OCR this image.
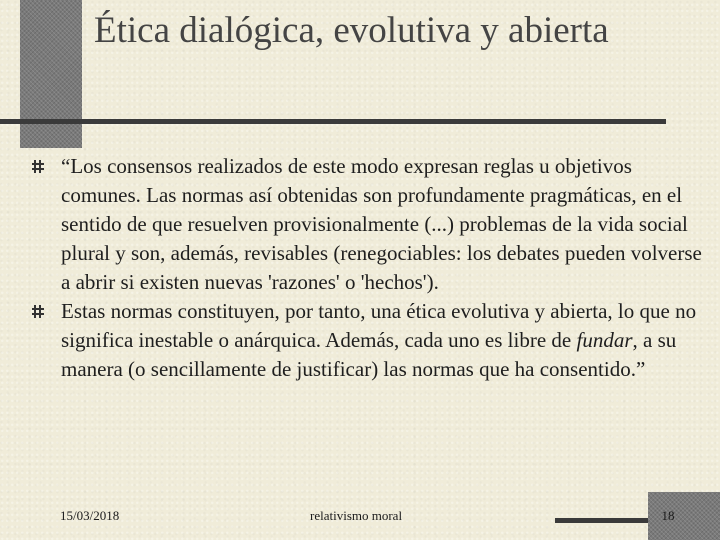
Ética dialógica, evolutiva y abierta
“Los consensos realizados de este modo expresan reglas u objetivos comunes. Las normas así obtenidas son profundamente pragmáticas, en el sentido de que resuelven provisionalmente (...) problemas de la vida social plural y son, además, revisables (renegociables: los debates pueden volverse a abrir si existen nuevas 'razones' o 'hechos').
Estas normas constituyen, por tanto, una ética evolutiva y abierta, lo que no significa inestable o anárquica. Además, cada uno es libre de fundar, a su manera (o sencillamente de justificar) las normas que ha consentido.”
15/03/2018	relativismo moral	18
